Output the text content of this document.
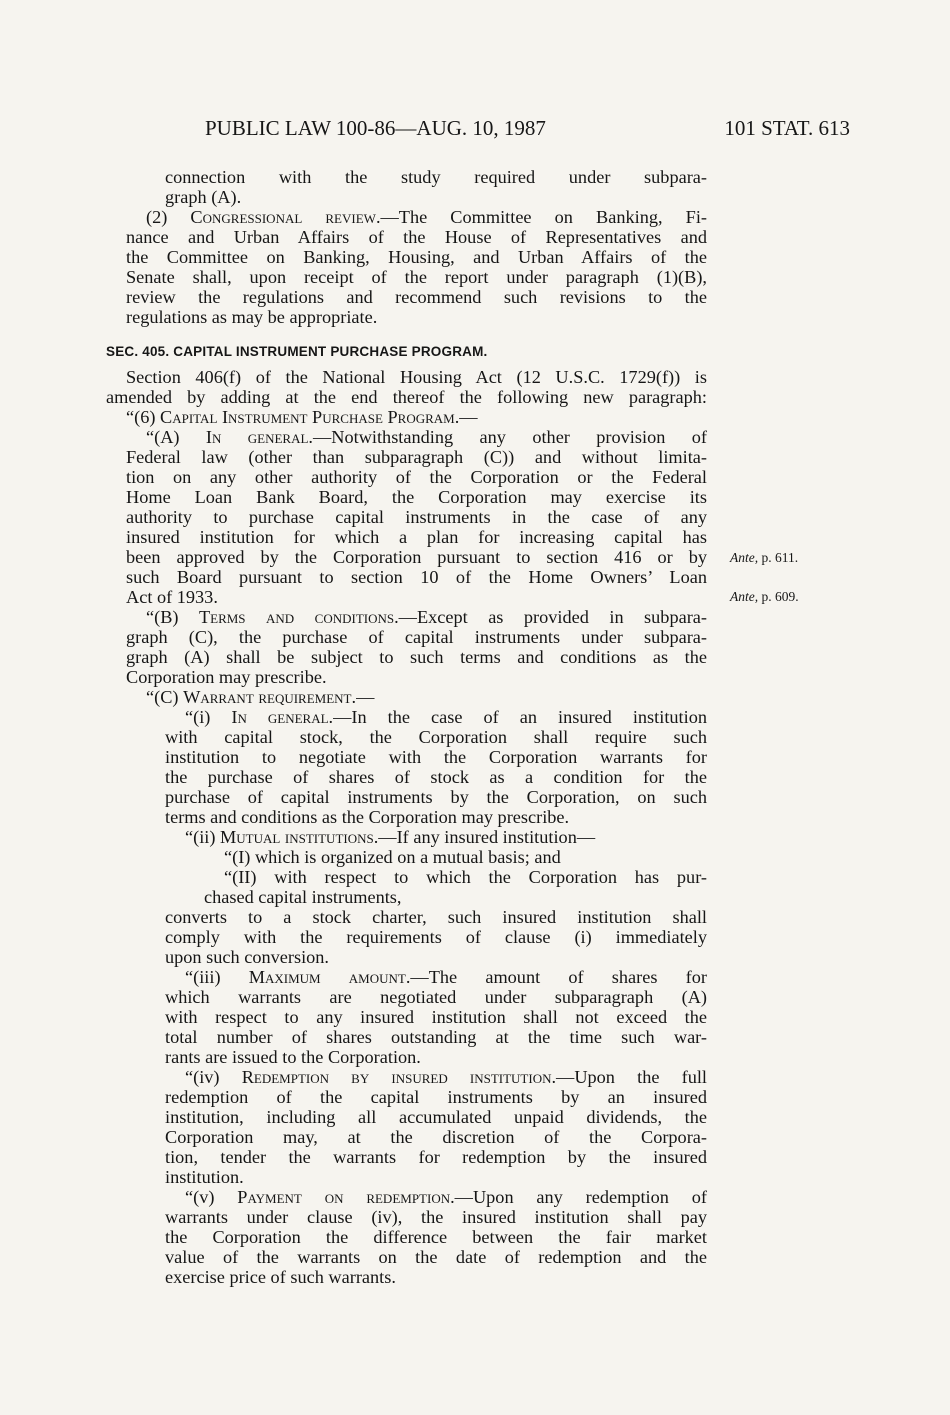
PUBLIC LAW 100-86—AUG. 10, 1987	101 STAT. 613
connection with the study required under subpara-
graph (A).
(2) Congressional review.—The Committee on Banking, Fi-
nance and Urban Affairs of the House of Representatives and
the Committee on Banking, Housing, and Urban Affairs of the
Senate shall, upon receipt of the report under paragraph (1)(B),
review the regulations and recommend such revisions to the
regulations as may be appropriate.
SEC. 405. CAPITAL INSTRUMENT PURCHASE PROGRAM.
Section 406(f) of the National Housing Act (12 U.S.C. 1729(f)) is
amended by adding at the end thereof the following new paragraph:
“(6) Capital Instrument Purchase Program.—
“(A) In general.—Notwithstanding any other provision of
Federal law (other than subparagraph (C)) and without limita-
tion on any other authority of the Corporation or the Federal
Home Loan Bank Board, the Corporation may exercise its
authority to purchase capital instruments in the case of any
insured institution for which a plan for increasing capital has
been approved by the Corporation pursuant to section 416 or by
such Board pursuant to section 10 of the Home Owners’ Loan
Act of 1933.
“(B) Terms and conditions.—Except as provided in subpara-
graph (C), the purchase of capital instruments under subpara-
graph (A) shall be subject to such terms and conditions as the
Corporation may prescribe.
“(C) Warrant requirement.—
“(i) In general.—In the case of an insured institution
with capital stock, the Corporation shall require such
institution to negotiate with the Corporation warrants for
the purchase of shares of stock as a condition for the
purchase of capital instruments by the Corporation, on such
terms and conditions as the Corporation may prescribe.
“(ii) Mutual institutions.—If any insured institution—
“(I) which is organized on a mutual basis; and
“(II) with respect to which the Corporation has pur-
chased capital instruments,
converts to a stock charter, such insured institution shall
comply with the requirements of clause (i) immediately
upon such conversion.
“(iii) Maximum amount.—The amount of shares for
which warrants are negotiated under subparagraph (A)
with respect to any insured institution shall not exceed the
total number of shares outstanding at the time such war-
rants are issued to the Corporation.
“(iv) Redemption by insured institution.—Upon the full
redemption of the capital instruments by an insured
institution, including all accumulated unpaid dividends, the
Corporation may, at the discretion of the Corpora-
tion, tender the warrants for redemption by the insured
institution.
“(v) Payment on redemption.—Upon any redemption of
warrants under clause (iv), the insured institution shall pay
the Corporation the difference between the fair market
value of the warrants on the date of redemption and the
exercise price of such warrants.
Ante, p. 611.
Ante, p. 609.
